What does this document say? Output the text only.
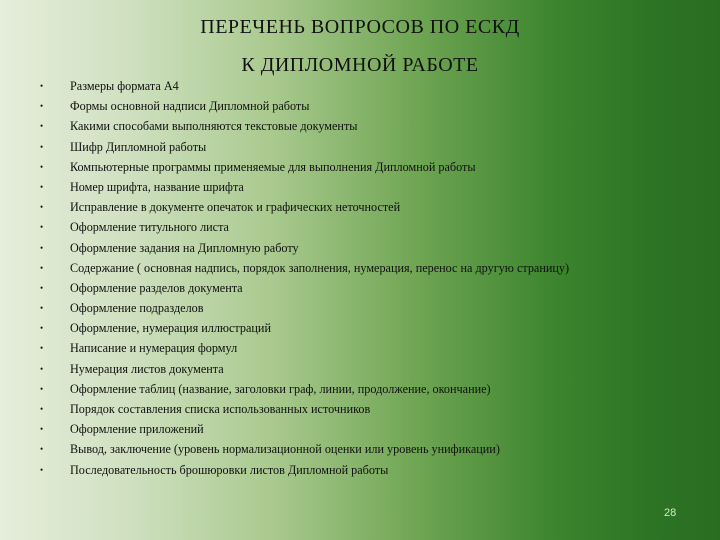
ПЕРЕЧЕНЬ ВОПРОСОВ ПО ЕСКД
К ДИПЛОМНОЙ РАБОТЕ
•	Размеры формата А4
•	Формы основной надписи Дипломной работы
•	Какими способами выполняются текстовые документы
•	Шифр Дипломной работы
•	Компьютерные программы применяемые для выполнения Дипломной работы
•	Номер шрифта, название шрифта
•	Исправление в документе опечаток и графических неточностей
•	Оформление титульного листа
•	Оформление задания на Дипломную работу
•	Содержание ( основная надпись, порядок заполнения, нумерация, перенос на другую страницу)
•	Оформление разделов документа
•	Оформление подразделов
•	Оформление, нумерация иллюстраций
•	Написание и нумерация формул
•	Нумерация листов документа
•	Оформление таблиц (название, заголовки граф, линии, продолжение, окончание)
•	Порядок составления списка использованных источников
•	Оформление приложений
•	Вывод, заключение (уровень нормализационной оценки или уровень унификации)
•	Последовательность брошюровки листов Дипломной работы
28
